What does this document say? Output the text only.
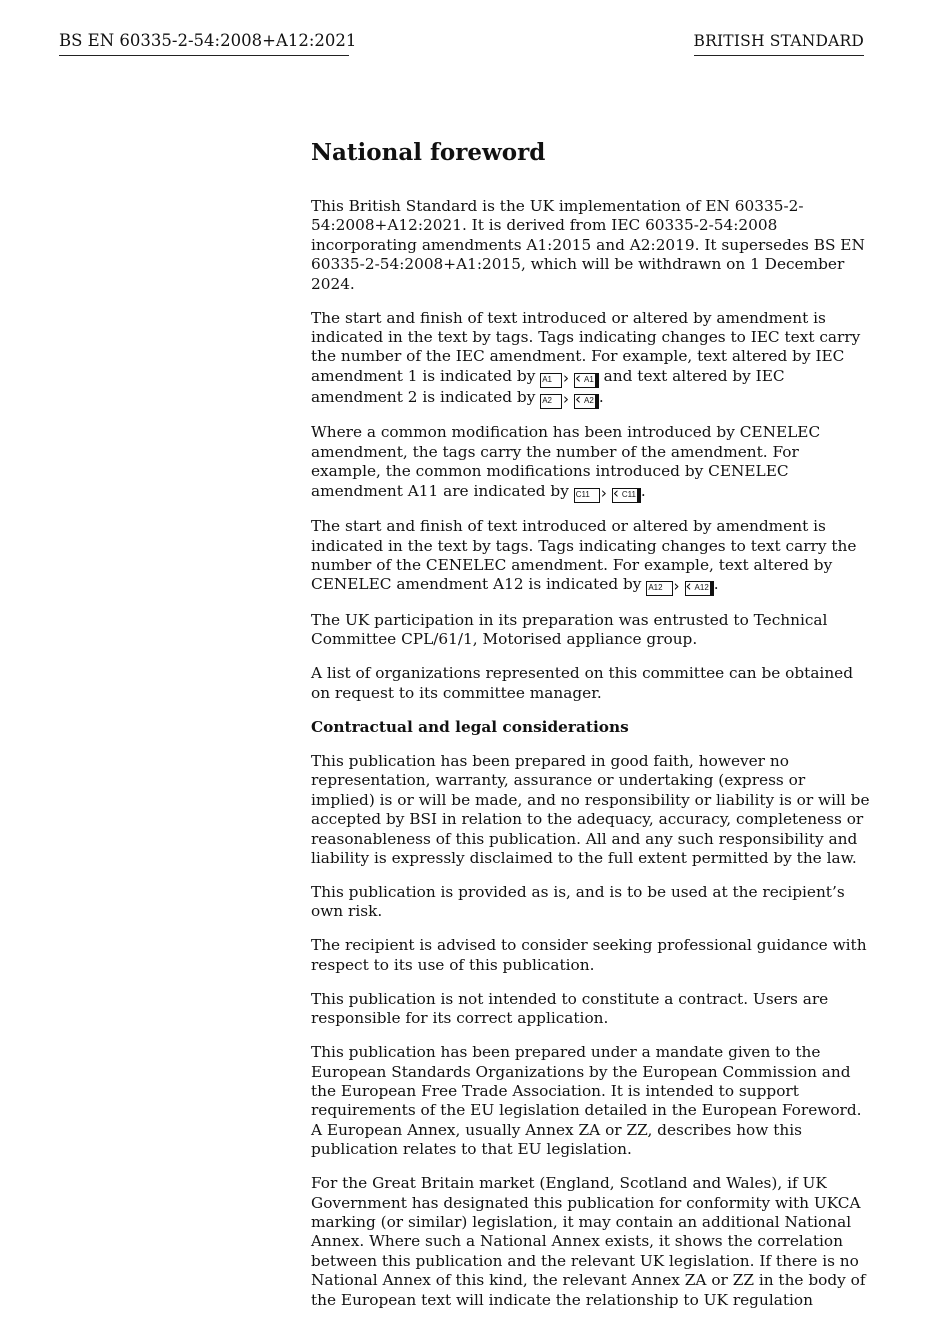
BS EN 60335-2-54:2008+A12:2021	BRITISH STANDARD
National foreword

This British Standard is the UK implementation of EN 60335-2-54:2008+A12:2021. It is derived from IEC 60335-2-54:2008 incorporating amendments A1:2015 and A2:2019. It supersedes BS EN 60335-2-54:2008+A1:2015, which will be withdrawn on 1 December 2024.

The start and finish of text introduced or altered by amendment is indicated in the text by tags. Tags indicating changes to IEC text carry the number of the IEC amendment. For example, text altered by IEC amendment 1 is indicated by A1 ›	‹ A1 and text altered by IEC amendment 2 is indicated by A2 ›	‹ A2 .

Where a common modification has been introduced by CENELEC amendment, the tags carry the number of the amendment. For example, the common modifications introduced by CENELEC amendment A11 are indicated by C11 ›	‹ C11 .

The start and finish of text introduced or altered by amendment is indicated in the text by tags. Tags indicating changes to text carry the number of the CENELEC amendment. For example, text altered by CENELEC amendment A12 is indicated by A12 ›	‹ A12 .

The UK participation in its preparation was entrusted to Technical Committee CPL/61/1, Motorised appliance group.

A list of organizations represented on this committee can be obtained on request to its committee manager.

Contractual and legal considerations

This publication has been prepared in good faith, however no representation, warranty, assurance or undertaking (express or implied) is or will be made, and no responsibility or liability is or will be accepted by BSI in relation to the adequacy, accuracy, completeness or reasonableness of this publication. All and any such responsibility and liability is expressly disclaimed to the full extent permitted by the law.

This publication is provided as is, and is to be used at the recipient’s own risk.

The recipient is advised to consider seeking professional guidance with respect to its use of this publication.

This publication is not intended to constitute a contract. Users are responsible for its correct application.

This publication has been prepared under a mandate given to the European Standards Organizations by the European Commission and the European Free Trade Association. It is intended to support requirements of the EU legislation detailed in the European Foreword. A European Annex, usually Annex ZA or ZZ, describes how this publication relates to that EU legislation.

For the Great Britain market (England, Scotland and Wales), if UK Government has designated this publication for conformity with UKCA marking (or similar) legislation, it may contain an additional National Annex. Where such a National Annex exists, it shows the correlation between this publication and the relevant UK legislation. If there is no National Annex of this kind, the relevant Annex ZA or ZZ in the body of the European text will indicate the relationship to UK regulation
